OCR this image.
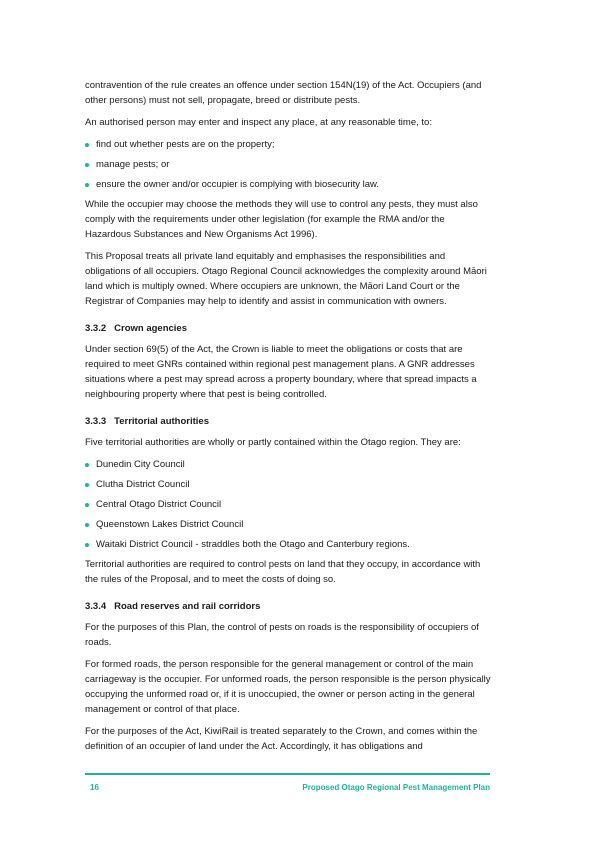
contravention of the rule creates an offence under section 154N(19) of the Act. Occupiers (and other persons) must not sell, propagate, breed or distribute pests.

An authorised person may enter and inspect any place, at any reasonable time, to:

find out whether pests are on the property;
manage pests; or
ensure the owner and/or occupier is complying with biosecurity law.

While the occupier may choose the methods they will use to control any pests, they must also comply with the requirements under other legislation (for example the RMA and/or the Hazardous Substances and New Organisms Act 1996).

This Proposal treats all private land equitably and emphasises the responsibilities and obligations of all occupiers. Otago Regional Council acknowledges the complexity around Māori land which is multiply owned. Where occupiers are unknown, the Māori Land Court or the Registrar of Companies may help to identify and assist in communication with owners.

3.3.2 Crown agencies

Under section 69(5) of the Act, the Crown is liable to meet the obligations or costs that are required to meet GNRs contained within regional pest management plans. A GNR addresses situations where a pest may spread across a property boundary, where that spread impacts a neighbouring property where that pest is being controlled.

3.3.3 Territorial authorities

Five territorial authorities are wholly or partly contained within the Otago region. They are:

Dunedin City Council
Clutha District Council
Central Otago District Council
Queenstown Lakes District Council
Waitaki District Council - straddles both the Otago and Canterbury regions.

Territorial authorities are required to control pests on land that they occupy, in accordance with the rules of the Proposal, and to meet the costs of doing so.

3.3.4 Road reserves and rail corridors

For the purposes of this Plan, the control of pests on roads is the responsibility of occupiers of roads.

For formed roads, the person responsible for the general management or control of the main carriageway is the occupier. For unformed roads, the person responsible is the person physically occupying the unformed road or, if it is unoccupied, the owner or person acting in the general management or control of that place.

For the purposes of the Act, KiwiRail is treated separately to the Crown, and comes within the definition of an occupier of land under the Act. Accordingly, it has obligations and

16	Proposed Otago Regional Pest Management Plan
